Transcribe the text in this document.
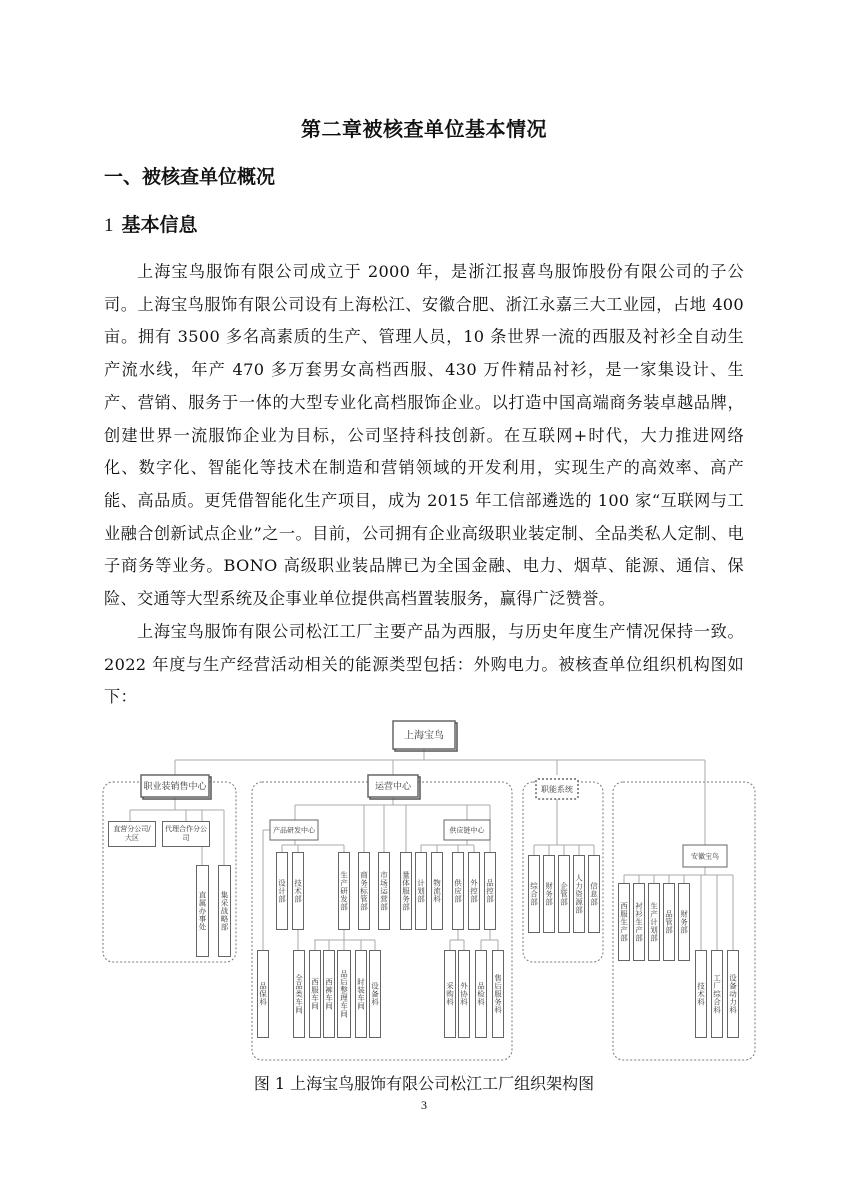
第二章被核查单位基本情况
一、被核查单位概况
1 基本信息
上海宝鸟服饰有限公司成立于 2000 年，是浙江报喜鸟服饰股份有限公司的子公司。上海宝鸟服饰有限公司设有上海松江、安徽合肥、浙江永嘉三大工业园，占地 400 亩。拥有 3500 多名高素质的生产、管理人员，10 条世界一流的西服及衬衫全自动生产流水线，年产 470 多万套男女高档西服、430 万件精品衬衫，是一家集设计、生产、营销、服务于一体的大型专业化高档服饰企业。以打造中国高端商务装卓越品牌，创建世界一流服饰企业为目标，公司坚持科技创新。在互联网+时代，大力推进网络化、数字化、智能化等技术在制造和营销领域的开发利用，实现生产的高效率、高产能、高品质。更凭借智能化生产项目，成为 2015 年工信部遴选的 100 家“互联网与工业融合创新试点企业”之一。目前，公司拥有企业高级职业装定制、全品类私人定制、电子商务等业务。BONO 高级职业装品牌已为全国金融、电力、烟草、能源、通信、保险、交通等大型系统及企事业单位提供高档置装服务，赢得广泛赞誉。
上海宝鸟服饰有限公司松江工厂主要产品为西服，与历史年度生产情况保持一致。2022 年度与生产经营活动相关的能源类型包括：外购电力。被核查单位组织机构图如下：
上海宝鸟
职业装销售中心	运营中心
产品研发中心	供应链中心
职能系统
安徽宝鸟
直营分公司/大区
代理合作分公司
直属办事处 集采战略部	设计部 技术部	生产研发部 商务标管部 市场运营部 量体服务部 计划部 物流科 供应部 外控部 品控部
品保科	全品类车间 西服车间 西裤车间 品后整理车间	时装车间 设备科	采购科 外协科 品检科 售后服务科
综合部 财务部 企管部 人力资源部 信息部
西服生产部 衬衫生产部 生产计划部 品管部 财务部
技术科 工厂综合科 设备动力科
图 1 上海宝鸟服饰有限公司松江工厂组织架构图
3
